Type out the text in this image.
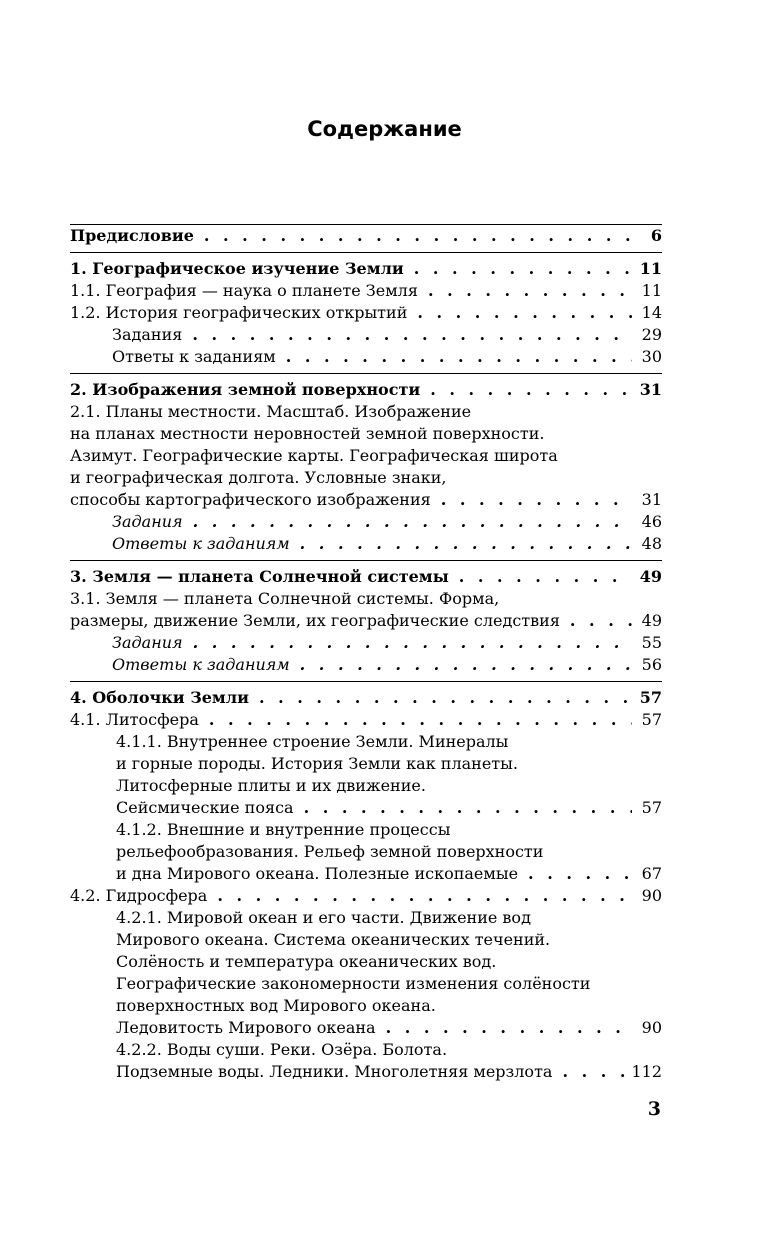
Содержание
Предисловие . . .	6
1. Географическое изучение Земли . . .	11
1.1. География — наука о планете Земля . . .	11
1.2. История географических открытий . . .	14
Задания . . .	29
Ответы к заданиям . . .	30
2. Изображения земной поверхности . . .	31
2.1. Планы местности. Масштаб. Изображение
на планах местности неровностей земной поверхности.
Азимут. Географические карты. Географическая широта
и географическая долгота. Условные знаки,
способы картографического изображения . . .	31
Задания . . .	46
Ответы к заданиям . . .	48
3. Земля — планета Солнечной системы . . .	49
3.1. Земля — планета Солнечной системы. Форма,
размеры, движение Земли, их географические следствия . . .	49
Задания . . .	55
Ответы к заданиям . . .	56
4. Оболочки Земли . . .	57
4.1. Литосфера . . .	57
4.1.1. Внутреннее строение Земли. Минералы
и горные породы. История Земли как планеты.
Литосферные плиты и их движение.
Сейсмические пояса . . .	57
4.1.2. Внешние и внутренние процессы
рельефообразования. Рельеф земной поверхности
и дна Мирового океана. Полезные ископаемые . . .	67
4.2. Гидросфера . . .	90
4.2.1. Мировой океан и его части. Движение вод
Мирового океана. Система океанических течений.
Солёность и температура океанических вод.
Географические закономерности изменения солёности
поверхностных вод Мирового океана.
Ледовитость Мирового океана . . .	90
4.2.2. Воды суши. Реки. Озёра. Болота.
Подземные воды. Ледники. Многолетняя мерзлота . . .	112
3
